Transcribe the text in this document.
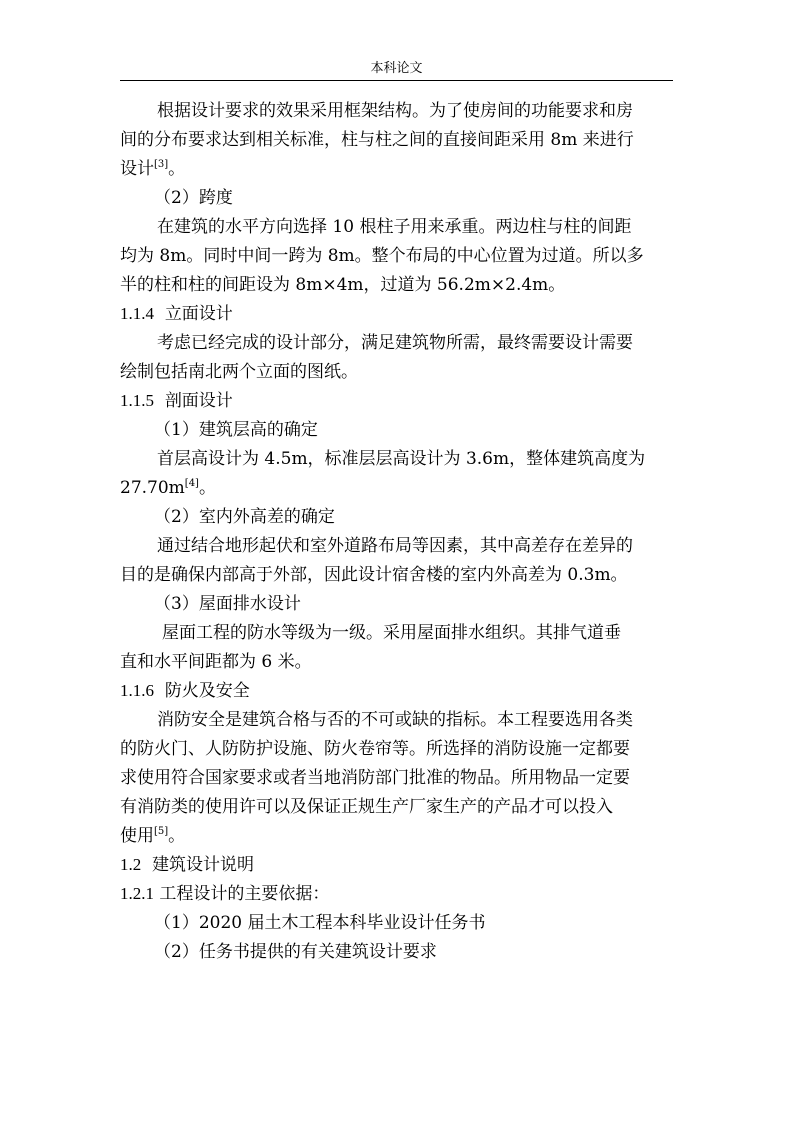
本科论文
根据设计要求的效果采用框架结构。为了使房间的功能要求和房
间的分布要求达到相关标准，柱与柱之间的直接间距采用 8m 来进行
设计[3]。
（2）跨度
在建筑的水平方向选择 10 根柱子用来承重。两边柱与柱的间距
均为 8m。同时中间一跨为 8m。整个布局的中心位置为过道。所以多
半的柱和柱的间距设为 8m×4m，过道为 56.2m×2.4m。
1.1.4 立面设计
考虑已经完成的设计部分，满足建筑物所需，最终需要设计需要
绘制包括南北两个立面的图纸。
1.1.5 剖面设计
（1）建筑层高的确定
首层高设计为 4.5m，标准层层高设计为 3.6m，整体建筑高度为
27.70m[4]。
（2）室内外高差的确定
通过结合地形起伏和室外道路布局等因素，其中高差存在差异的
目的是确保内部高于外部，因此设计宿舍楼的室内外高差为 0.3m。
（3）屋面排水设计
屋面工程的防水等级为一级。采用屋面排水组织。其排气道垂
直和水平间距都为 6 米。
1.1.6 防火及安全
消防安全是建筑合格与否的不可或缺的指标。本工程要选用各类
的防火门、人防防护设施、防火卷帘等。所选择的消防设施一定都要
求使用符合国家要求或者当地消防部门批准的物品。所用物品一定要
有消防类的使用许可以及保证正规生产厂家生产的产品才可以投入
使用[5]。
1.2 建筑设计说明
1.2.1 工程设计的主要依据：
（1）2020 届土木工程本科毕业设计任务书
（2）任务书提供的有关建筑设计要求
